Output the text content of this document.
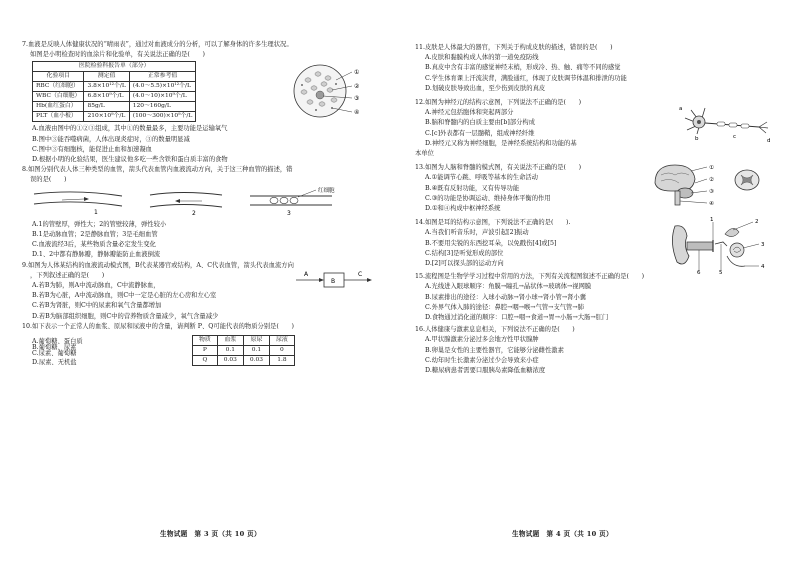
7.血液是反映人体健康状况的“晴雨表”，通过对血液成分的分析，可以了解身体的许多生理状况。

如图是小明检查时的血涂片和化验单，有关说法正确的是(　　)

医院检验科报告单（部分）		
化验项目	测定值	正常参考值
RBC（红细胞）	3.8×10¹²个/L	(4.0～5.5)×10¹²个/L
WBC（白细胞）	6.8×10⁹个/L	(4.0～10)×10⁹个/L
Hb(血红蛋白）	85g/L	120～160g/L
PLT（血小板）	210×10⁹个/L	(100～300)×10⁹个/L
①
②
③
④

A.血液由图中的①②③组成，其中①的数量最多，主要功能是运输氧气

B.图中③能吞噬病菌，人体出现炎症时，③的数量明显减

C.图中③有细胞核，能促进止血和加速凝血

D.根据小明的化验结果，医生建议他多吃一些含铁和蛋白质丰富的食物

8.如图分别代表人体三种类型的血管，箭头代表血管内血液流动方向，关于这三种血管的描述，错

误的是(　　)

红细胞
1	2	3

A.1的管壁厚，弹性大；2的管壁较薄，弹性较小

B.1是动脉血管；2是静脉血管；3是毛细血管

C.血液流经3后，某些物质含量必定发生变化

D.1、2中都有静脉瓣，静脉瓣能防止血液倒流

9.如图为人体某结构的血液流动模式图，B代表某器官或结构，A、C代表血管，箭头代表血流方向

，下列叙述正确的是(　　)	A
B
C

A.若B为肺，则A中流动脉血，C中流静脉血，

B.若B为心脏，A中流动脉血，则C中一定是心脏的左心房和左心室

C.若B为肾脏，则C中的尿素和氧气含量都增加

D.若B为脑部组织细胞，则C中的营养物质含量减少，氧气含量减少

10.如下表示一个正常人的血浆、原尿和尿液中的含量，请判断 P、Q可能代表的物质分别是(　　)

物质	血浆	原尿	尿液
P	0.1	0.1	0
Q	0.03	0.03	1.8

A.葡萄糖、蛋白质

B.葡萄糖、尿素

C.尿素、葡萄糖

D.尿素、无机盐

生物试题　第 3 页（共 10 页）

11.皮肤是人体最大的器官，下列关于构成皮肤的描述，错误的是(　　)

A.皮肤和黏膜构成人体的第一道免疫防线

B.真皮中含有丰富的感觉神经末梢，形成冷、热、触、痛等不同的感觉

C.学生体育课上汗流浃背，满脸通红，体现了皮肤调节体温和排泄的功能

D.划破皮肤导致出血，至少伤到皮肤的真皮

12.如图为神经元的结构示意图，下列说法不正确的是(　　)

a
b	c
d

A.神经元包括胞体和突起两部分

B.脑和脊髓内的白质主要由[b]部分构成

C.[c]外表都有一层髓鞘，组成神经纤维

D.神经元又称为神经细胞，是神经系统结构和功能的基

本单位

13.如图为人脑和脊髓的模式图，有关说法不正确的是(　　)	①
②
③
④

A.①能调节心跳、呼吸等基本的生命活动

B.④既有反射功能，又有传导功能

C.③的功能是协调运动、维持身体平衡的作用

D.①和④构成中枢神经系统

14.如图是耳的结构示意图，下列说法不正确的是(　　).	1	2
3
4
5
6

A.当我们听音乐时，声波引起[2]振动

B.不要用尖锐的东西挖耳朵，以免戳伤[4]或[5]

C.结构[3]是听觉形成的部位

D.[2]可以探头部的运动方向

15.流程图是生物学学习过程中常用的方法，下列有关流程图叙述不正确的是(　　)

A.光线进入眼球顺序：角膜→瞳孔→晶状体→玻璃体→视网膜

B.尿素排出的途径：入球小动脉→肾小球→肾小管→肾小囊

C.外界气体入肺的途径：鼻腔→咽→喉→气管→支气管→肺

D.食物通过消化道的顺序：口腔→咽→食道→胃→小肠→大肠→肛门

16.人体健康与激素息息相关，下列说法不正确的是(　　)

A.甲状腺激素分泌过多会地方性甲状腺肿

B.卵巢是女性的主要性器官，它能够分泌雌性激素

C.幼年时生长激素分泌过少会导致来小症

D.糖尿病患者需要口服胰岛素降低血糖浓度

生物试题　第 4 页（共 10 页）
